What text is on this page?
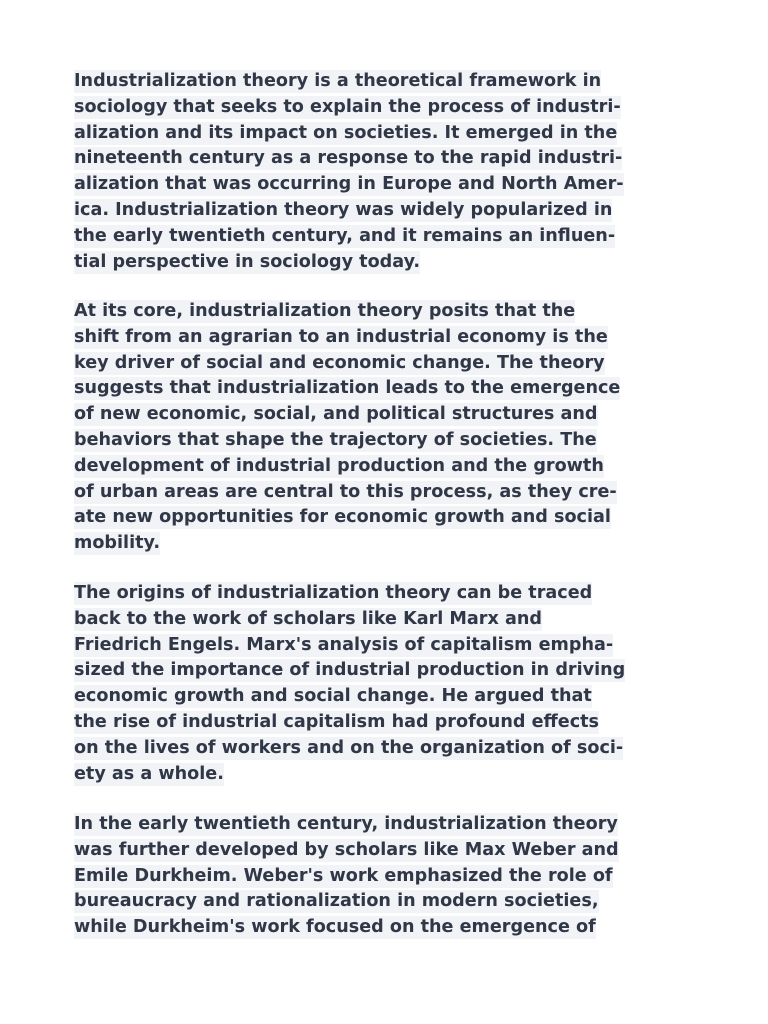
Industrialization theory is a theoretical framework in
sociology that seeks to explain the process of industri-
alization and its impact on societies. It emerged in the
nineteenth century as a response to the rapid industri-
alization that was occurring in Europe and North Amer-
ica. Industrialization theory was widely popularized in
the early twentieth century, and it remains an influen-
tial perspective in sociology today.

At its core, industrialization theory posits that the
shift from an agrarian to an industrial economy is the
key driver of social and economic change. The theory
suggests that industrialization leads to the emergence
of new economic, social, and political structures and
behaviors that shape the trajectory of societies. The
development of industrial production and the growth
of urban areas are central to this process, as they cre-
ate new opportunities for economic growth and social
mobility.

The origins of industrialization theory can be traced
back to the work of scholars like Karl Marx and
Friedrich Engels. Marx's analysis of capitalism empha-
sized the importance of industrial production in driving
economic growth and social change. He argued that
the rise of industrial capitalism had profound effects
on the lives of workers and on the organization of soci-
ety as a whole.

In the early twentieth century, industrialization theory
was further developed by scholars like Max Weber and
Emile Durkheim. Weber's work emphasized the role of
bureaucracy and rationalization in modern societies,
while Durkheim's work focused on the emergence of
